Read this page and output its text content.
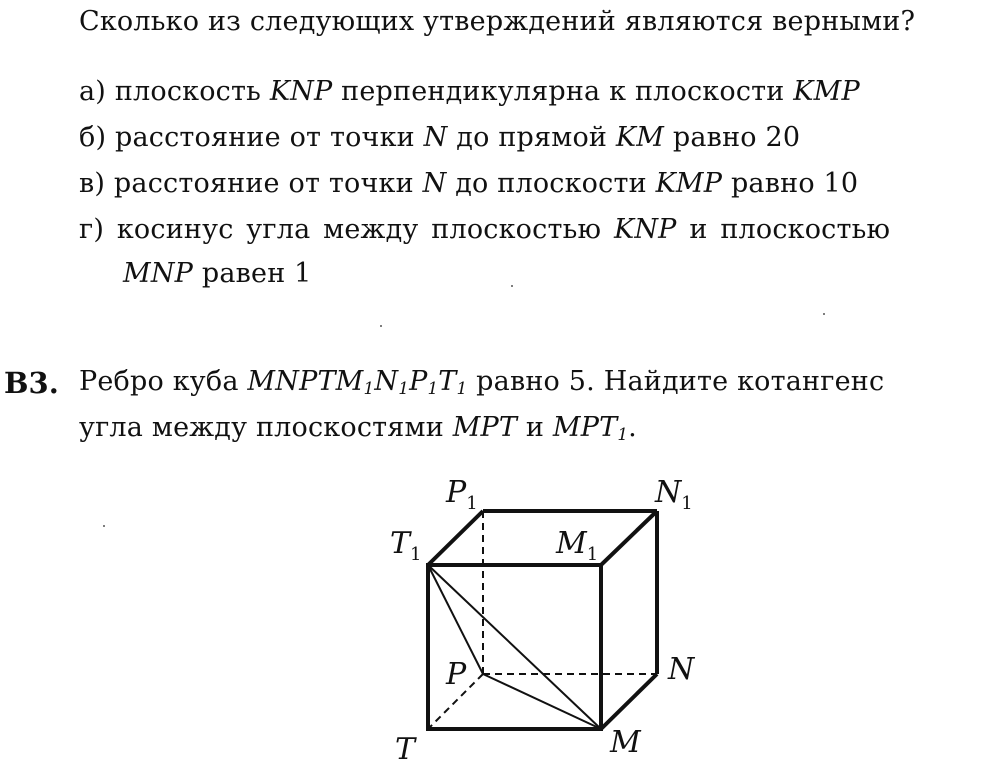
Сколько из следующих утверждений являются верными?
а) плоскость KNP перпендикулярна к плоскости KMP
б) расстояние от точки N до прямой KM равно 20
в) расстояние от точки N до плоскости KMP равно 10
г) косинус угла между плоскостью KNP и плоскостью
MNP равен 1
В3. Ребро куба $MNPTM_1N_1P_1T_1$ равно 5. Найдите котангенс
угла между плоскостями MPT и $MPT_1$.
$P_1$	$N_1$
$T_1$	$M_1$
P	N
T	M
